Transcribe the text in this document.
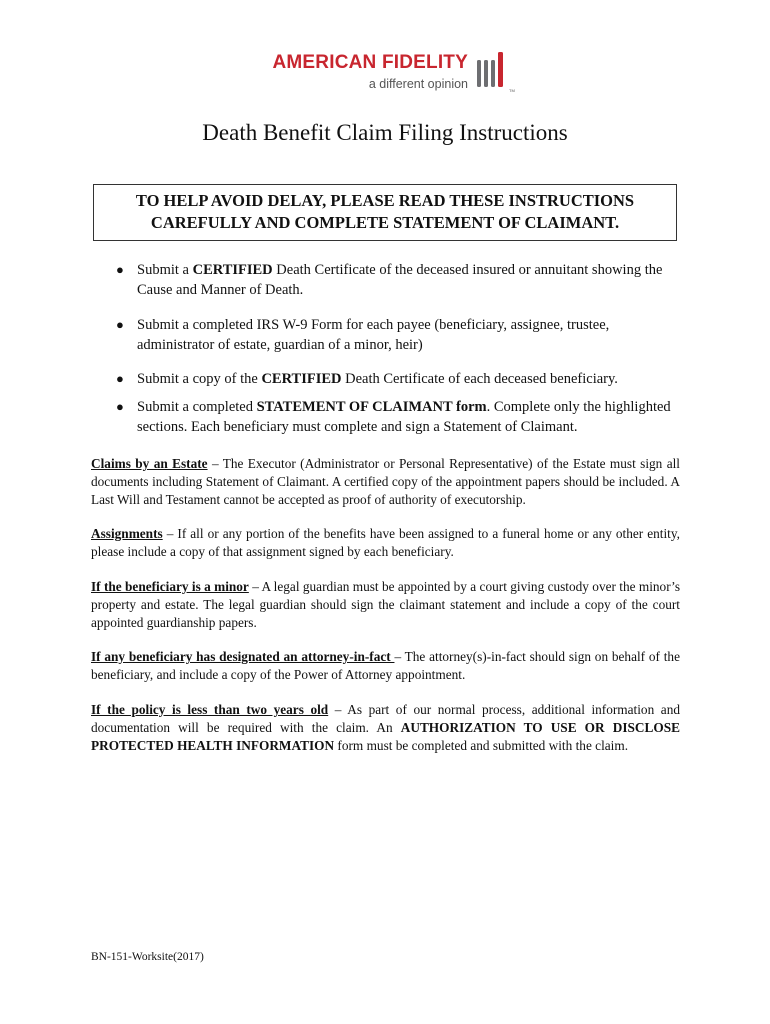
AMERICAN FIDELITY
a different opinion	TM
Death Benefit Claim Filing Instructions
TO HELP AVOID DELAY, PLEASE READ THESE INSTRUCTIONS
CAREFULLY AND COMPLETE STATEMENT OF CLAIMANT.
● Submit a CERTIFIED Death Certificate of the deceased insured or annuitant showing the Cause and Manner of Death.
● Submit a completed IRS W-9 Form for each payee (beneficiary, assignee, trustee, administrator of estate, guardian of a minor, heir)
● Submit a copy of the CERTIFIED Death Certificate of each deceased beneficiary.
● Submit a completed STATEMENT OF CLAIMANT form. Complete only the highlighted sections. Each beneficiary must complete and sign a Statement of Claimant.
Claims by an Estate – The Executor (Administrator or Personal Representative) of the Estate must sign all documents including Statement of Claimant. A certified copy of the appointment papers should be included. A Last Will and Testament cannot be accepted as proof of authority of executorship.
Assignments – If all or any portion of the benefits have been assigned to a funeral home or any other entity, please include a copy of that assignment signed by each beneficiary.
If the beneficiary is a minor – A legal guardian must be appointed by a court giving custody over the minor’s property and estate. The legal guardian should sign the claimant statement and include a copy of the court appointed guardianship papers.
If any beneficiary has designated an attorney-in-fact – The attorney(s)-in-fact should sign on behalf of the beneficiary, and include a copy of the Power of Attorney appointment.
If the policy is less than two years old – As part of our normal process, additional information and documentation will be required with the claim. An AUTHORIZATION TO USE OR DISCLOSE PROTECTED HEALTH INFORMATION form must be completed and submitted with the claim.
BN-151-Worksite(2017)
